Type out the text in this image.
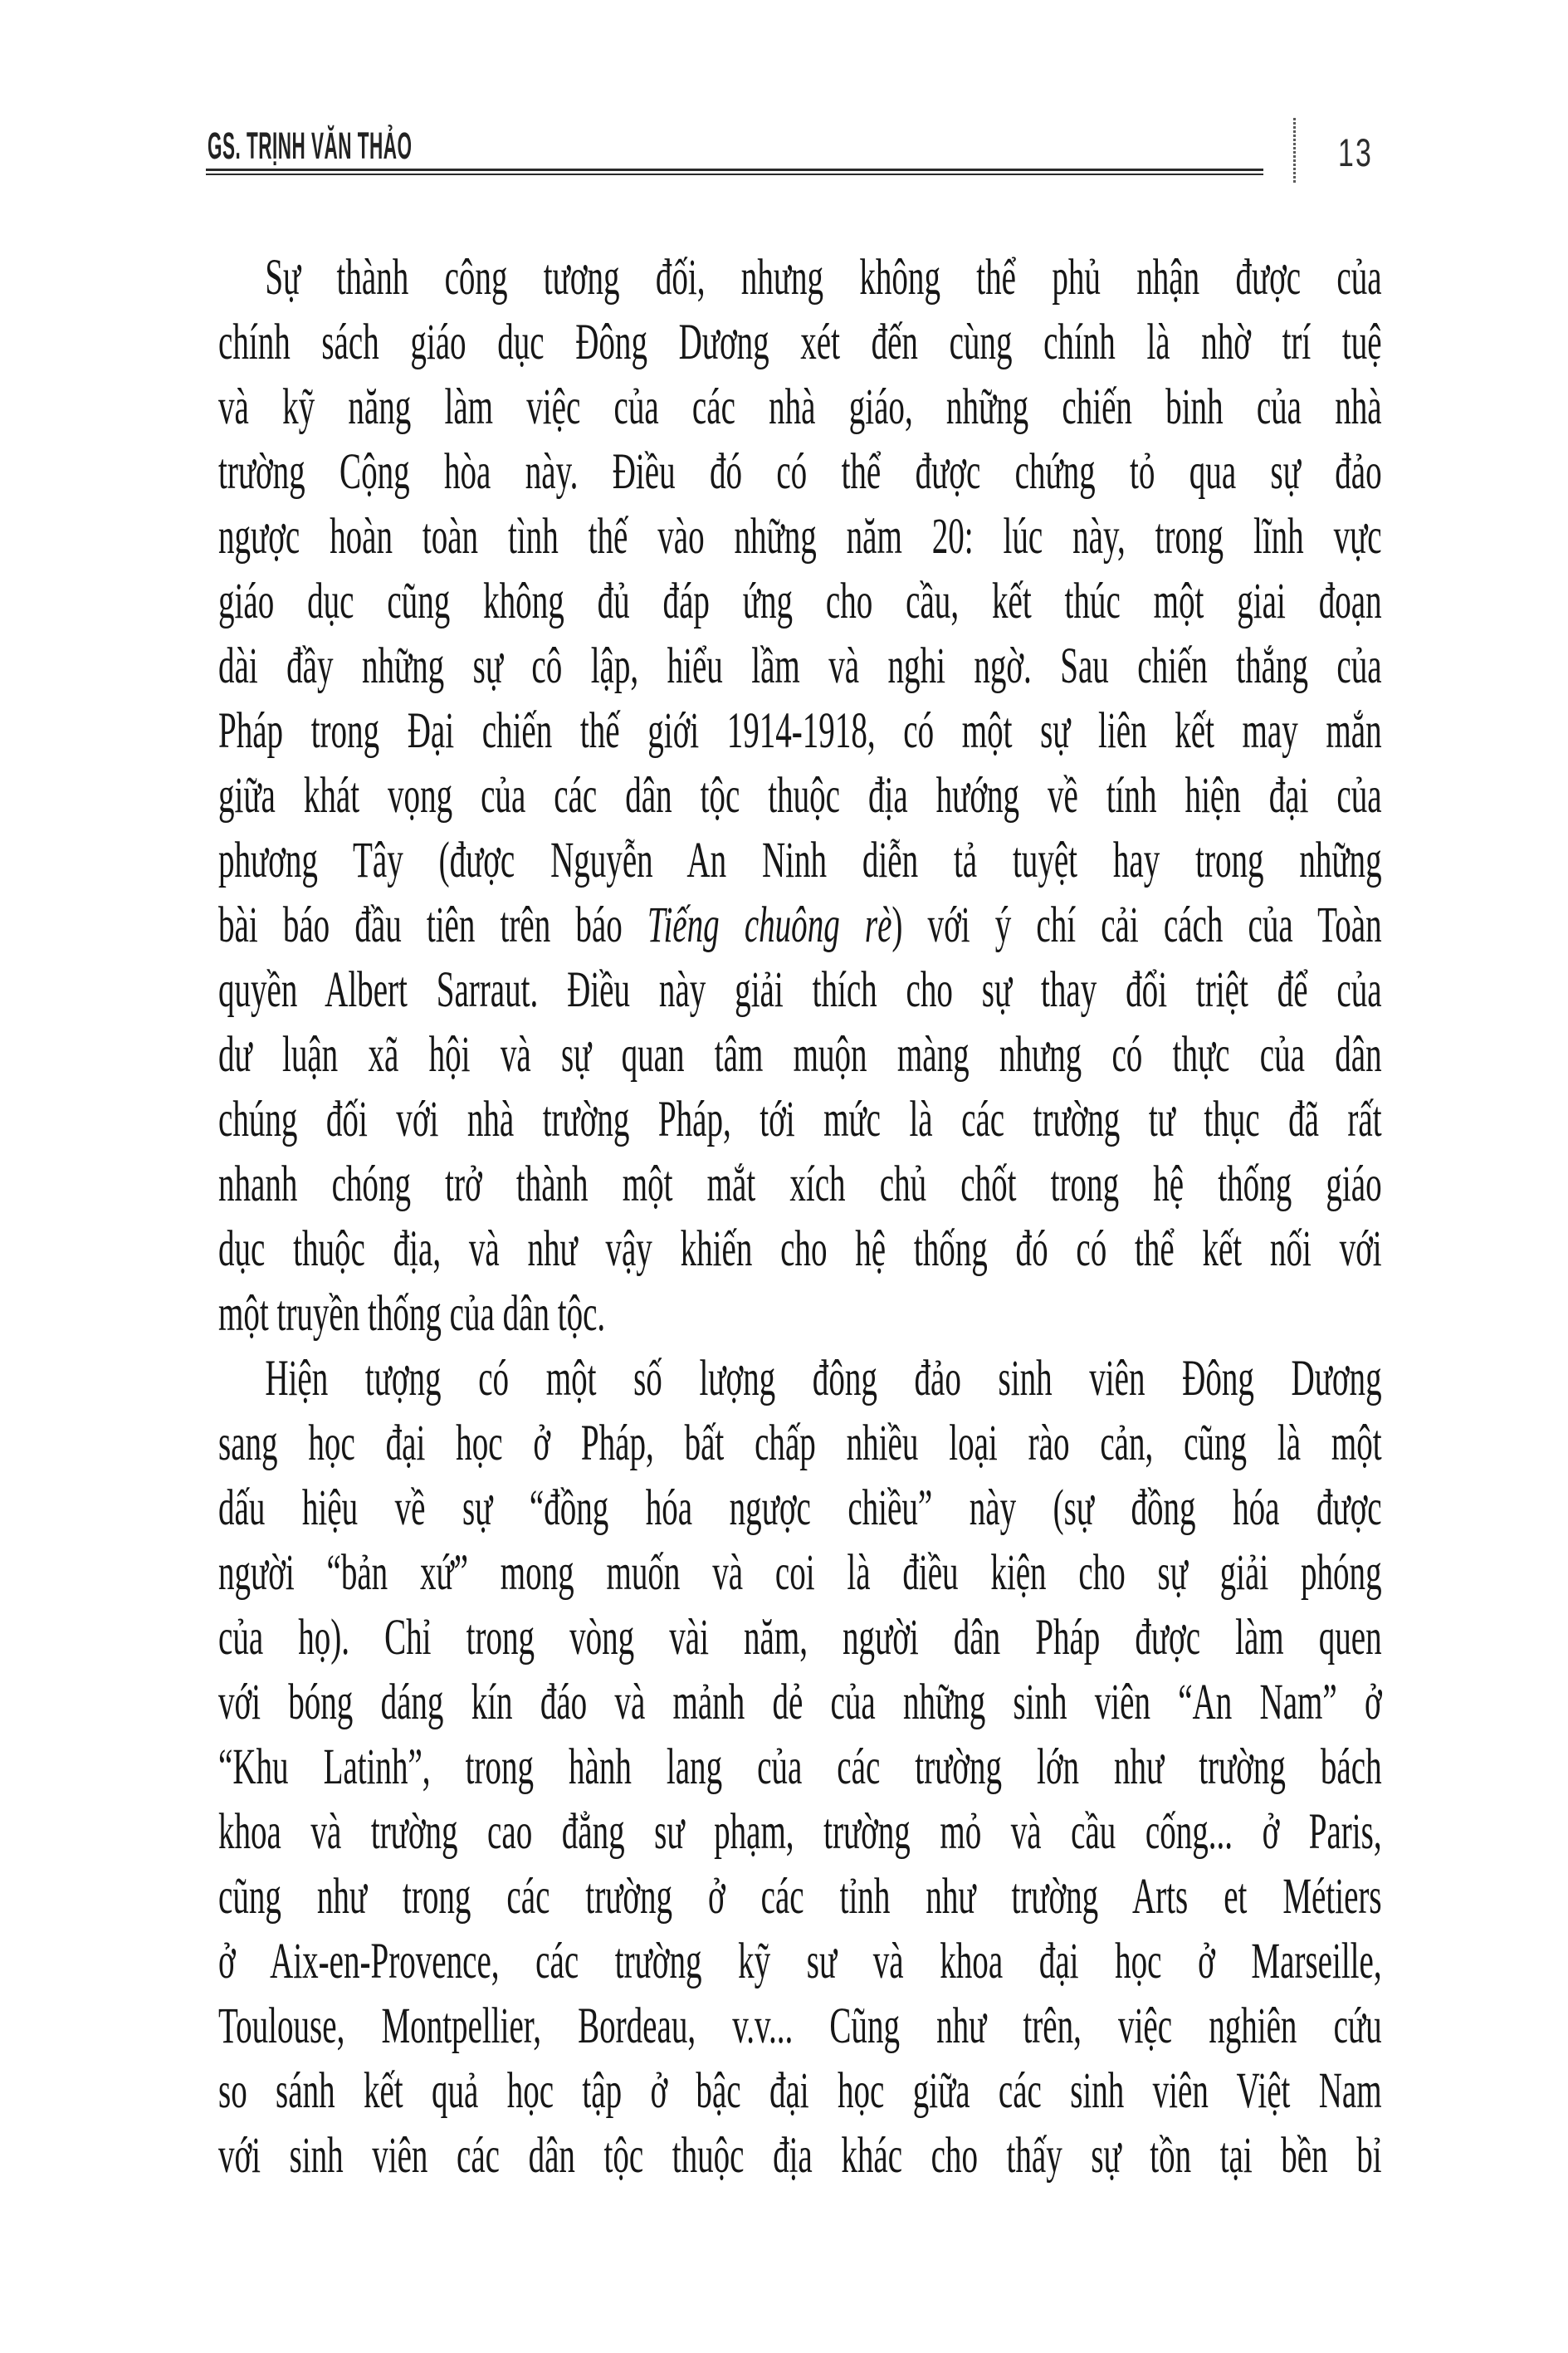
GS. TRỊNH VĂN THẢO	13
Sự thành công tương đối, nhưng không thể phủ nhận được của
chính sách giáo dục Đông Dương xét đến cùng chính là nhờ trí tuệ
và kỹ năng làm việc của các nhà giáo, những chiến binh của nhà
trường Cộng hòa này. Điều đó có thể được chứng tỏ qua sự đảo
ngược hoàn toàn tình thế vào những năm 20: lúc này, trong lĩnh vực
giáo dục cũng không đủ đáp ứng cho cầu, kết thúc một giai đoạn
dài đầy những sự cô lập, hiểu lầm và nghi ngờ. Sau chiến thắng của
Pháp trong Đại chiến thế giới 1914-1918, có một sự liên kết may mắn
giữa khát vọng của các dân tộc thuộc địa hướng về tính hiện đại của
phương Tây (được Nguyễn An Ninh diễn tả tuyệt hay trong những
bài báo đầu tiên trên báo Tiếng chuông rè) với ý chí cải cách của Toàn
quyền Albert Sarraut. Điều này giải thích cho sự thay đổi triệt để của
dư luận xã hội và sự quan tâm muộn màng nhưng có thực của dân
chúng đối với nhà trường Pháp, tới mức là các trường tư thục đã rất
nhanh chóng trở thành một mắt xích chủ chốt trong hệ thống giáo
dục thuộc địa, và như vậy khiến cho hệ thống đó có thể kết nối với
một truyền thống của dân tộc.
Hiện tượng có một số lượng đông đảo sinh viên Đông Dương
sang học đại học ở Pháp, bất chấp nhiều loại rào cản, cũng là một
dấu hiệu về sự “đồng hóa ngược chiều” này (sự đồng hóa được
người “bản xứ” mong muốn và coi là điều kiện cho sự giải phóng
của họ). Chỉ trong vòng vài năm, người dân Pháp được làm quen
với bóng dáng kín đáo và mảnh dẻ của những sinh viên “An Nam” ở
“Khu Latinh”, trong hành lang của các trường lớn như trường bách
khoa và trường cao đẳng sư phạm, trường mỏ và cầu cống... ở Paris,
cũng như trong các trường ở các tỉnh như trường Arts et Métiers
ở Aix-en-Provence, các trường kỹ sư và khoa đại học ở Marseille,
Toulouse, Montpellier, Bordeau, v.v... Cũng như trên, việc nghiên cứu
so sánh kết quả học tập ở bậc đại học giữa các sinh viên Việt Nam
với sinh viên các dân tộc thuộc địa khác cho thấy sự tồn tại bền bỉ
